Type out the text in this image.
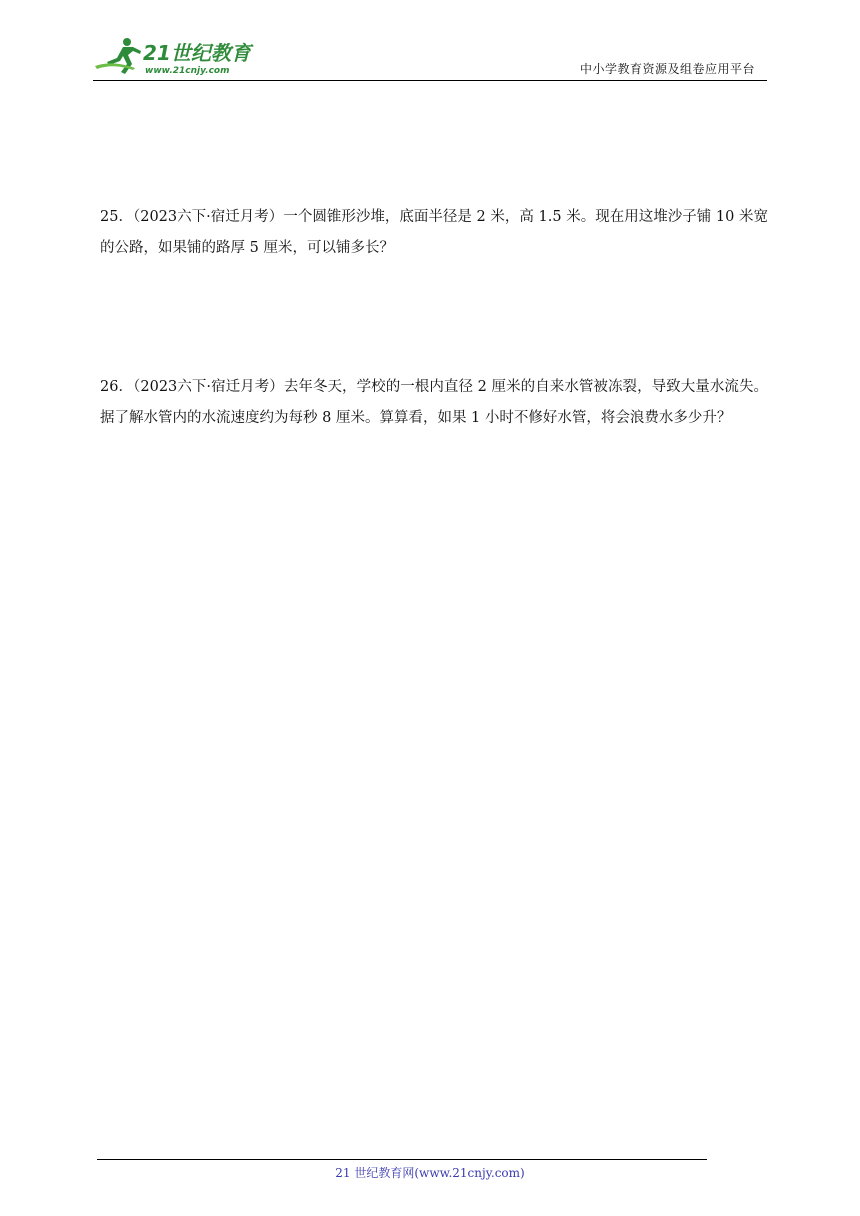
21世纪教育
www.21cnjy.com	中小学教育资源及组卷应用平台
25．（2023六下·宿迁月考）一个圆锥形沙堆，底面半径是 2 米，高 1.5 米。现在用这堆沙子铺 10 米宽的公路，如果铺的路厚 5 厘米，可以铺多长？
26．（2023六下·宿迁月考）去年冬天，学校的一根内直径 2 厘米的自来水管被冻裂，导致大量水流失。据了解水管内的水流速度约为每秒 8 厘米。算算看，如果 1 小时不修好水管，将会浪费水多少升？
21 世纪教育网(www.21cnjy.com)
